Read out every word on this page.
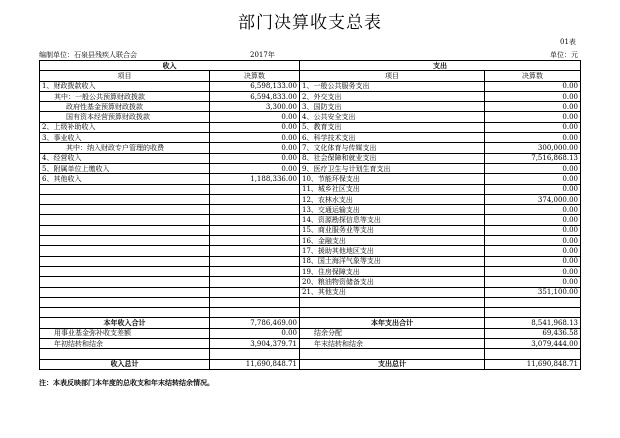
部门决算收支总表
01表
编制单位：石泉县残疾人联合会	2017年	单位：元
收入		支出	
项目	决算数	项目	决算数
1、财政拨款收入	6,598,133.00	1、一般公共服务支出	0.00
其中：一般公共预算财政拨款	6,594,833.00	2、外交支出	0.00
政府性基金预算财政拨款	3,300.00	3、国防支出	0.00
国有资本经营预算财政拨款	0.00	4、公共安全支出	0.00
2、上级补助收入	0.00	5、教育支出	0.00
3、事业收入	0.00	6、科学技术支出	0.00
其中：纳入财政专户管理的收费	0.00	7、文化体育与传媒支出	300,000.00
4、经营收入	0.00	8、社会保障和就业支出	7,516,868.13
5、附属单位上缴收入	0.00	9、医疗卫生与计划生育支出	0.00
6、其他收入	1,188,336.00	10、节能环保支出	0.00
		11、城乡社区支出	0.00
		12、农林水支出	374,000.00
		13、交通运输支出	0.00
		14、资源勘探信息等支出	0.00
		15、商业服务业等支出	0.00
		16、金融支出	0.00
		17、援助其他地区支出	0.00
		18、国土海洋气象等支出	0.00
		19、住房保障支出	0.00
		20、粮油物资储备支出	0.00
		21、其他支出	351,100.00

本年收入合计	7,786,469.00	本年支出合计	8,541,968.13
用事业基金弥补收支差额	0.00	结余分配	69,436.58
年初结转和结余	3,904,379.71	年末结转和结余	3,079,444.00

收入总计	11,690,848.71	支出总计	11,690,848.71
注：本表反映部门本年度的总收支和年末结转结余情况。
